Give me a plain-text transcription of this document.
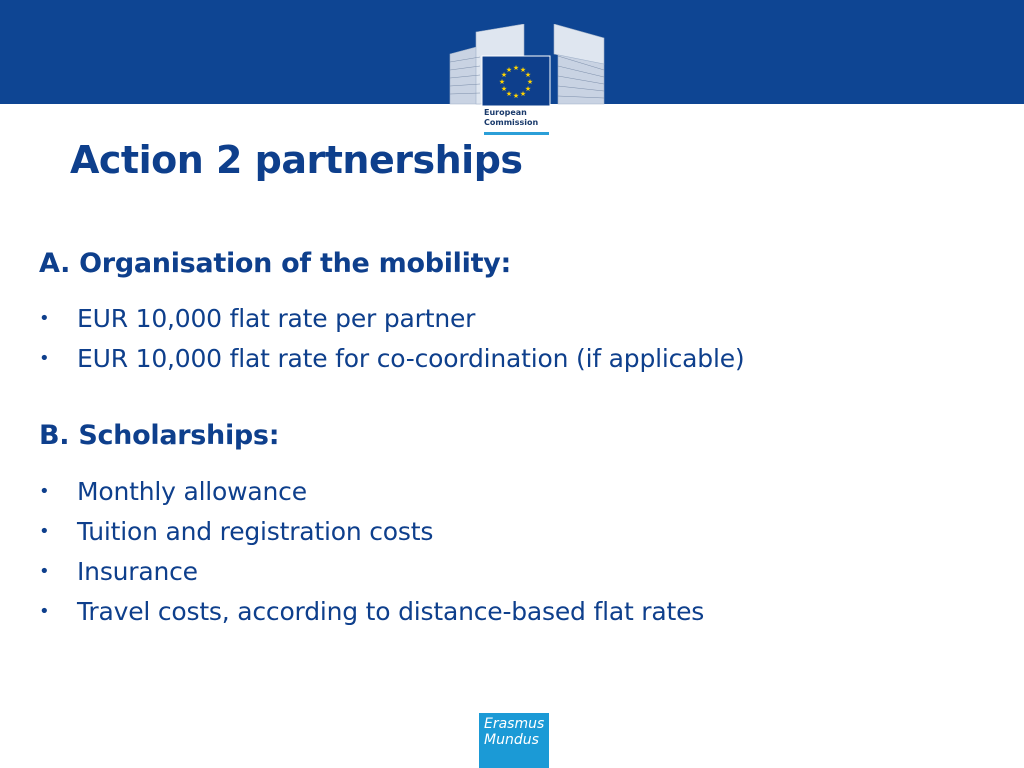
★ ★
★
★
★
★
★
★
★
★
★
★
European
Commission
Action 2 partnerships
A. Organisation of the mobility:
• EUR 10,000 flat rate per partner
• EUR 10,000 flat rate for co-coordination (if applicable)
B. Scholarships:
• Monthly allowance
• Tuition and registration costs
• Insurance
• Travel costs, according to distance-based flat rates
Erasmus
Mundus
